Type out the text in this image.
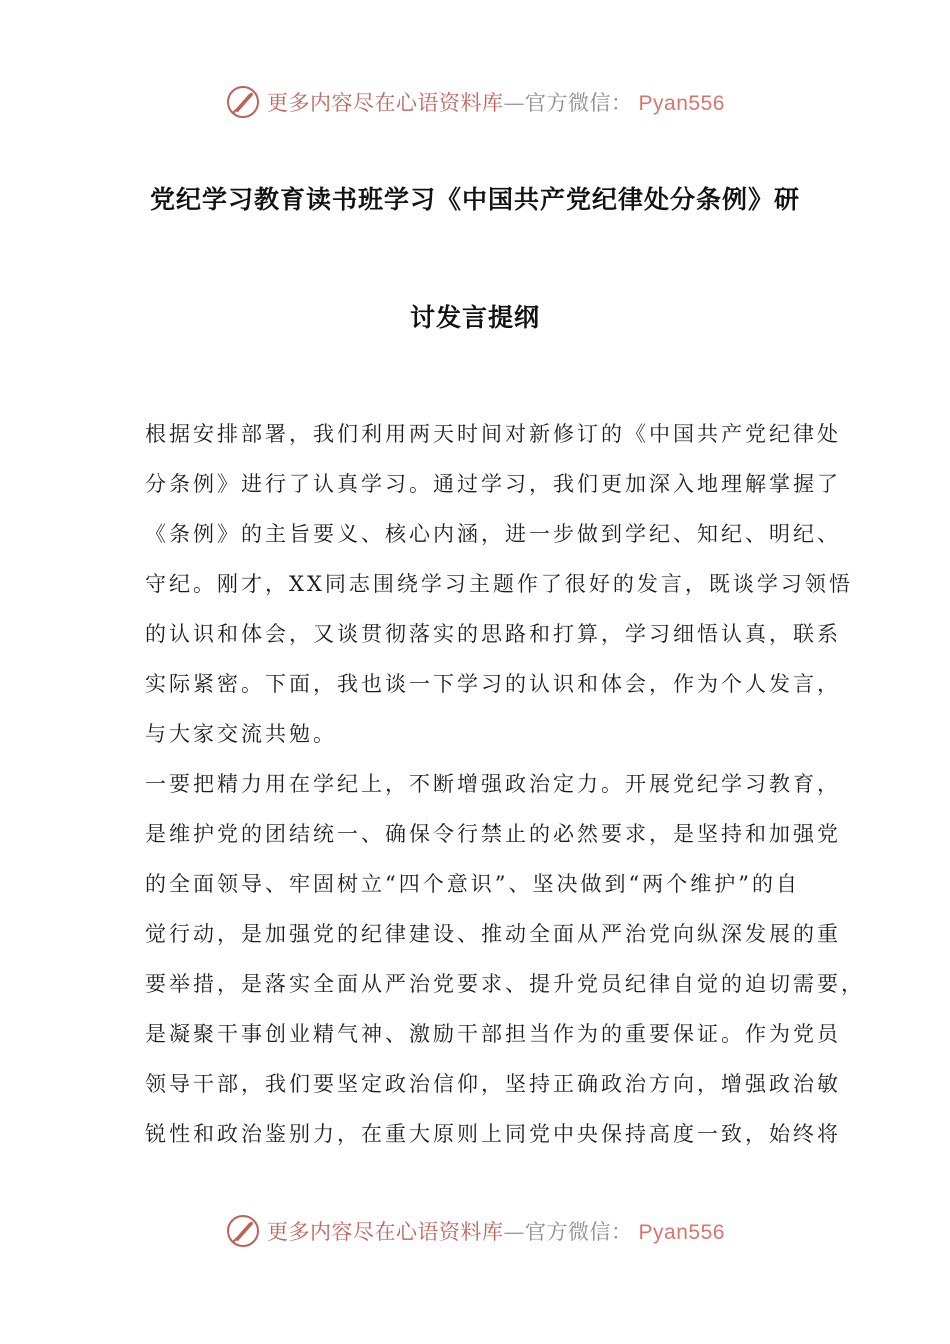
更多内容尽在心语资料库—官方微信： Pyan556
党纪学习教育读书班学习《中国共产党纪律处分条例》研
讨发言提纲
根据安排部署，我们利用两天时间对新修订的《中国共产党纪律处
分条例》进行了认真学习。通过学习，我们更加深入地理解掌握了
《条例》的主旨要义、核心内涵，进一步做到学纪、知纪、明纪、
守纪。刚才，XX同志围绕学习主题作了很好的发言，既谈学习领悟
的认识和体会，又谈贯彻落实的思路和打算，学习细悟认真，联系
实际紧密。下面，我也谈一下学习的认识和体会，作为个人发言，
与大家交流共勉。
一要把精力用在学纪上，不断增强政治定力。开展党纪学习教育，
是维护党的团结统一、确保令行禁止的必然要求，是坚持和加强党
的全面领导、牢固树立“四个意识”、坚决做到“两个维护”的自
觉行动，是加强党的纪律建设、推动全面从严治党向纵深发展的重
要举措，是落实全面从严治党要求、提升党员纪律自觉的迫切需要，
是凝聚干事创业精气神、激励干部担当作为的重要保证。作为党员
领导干部，我们要坚定政治信仰，坚持正确政治方向，增强政治敏
锐性和政治鉴别力，在重大原则上同党中央保持高度一致，始终将
更多内容尽在心语资料库—官方微信： Pyan556
